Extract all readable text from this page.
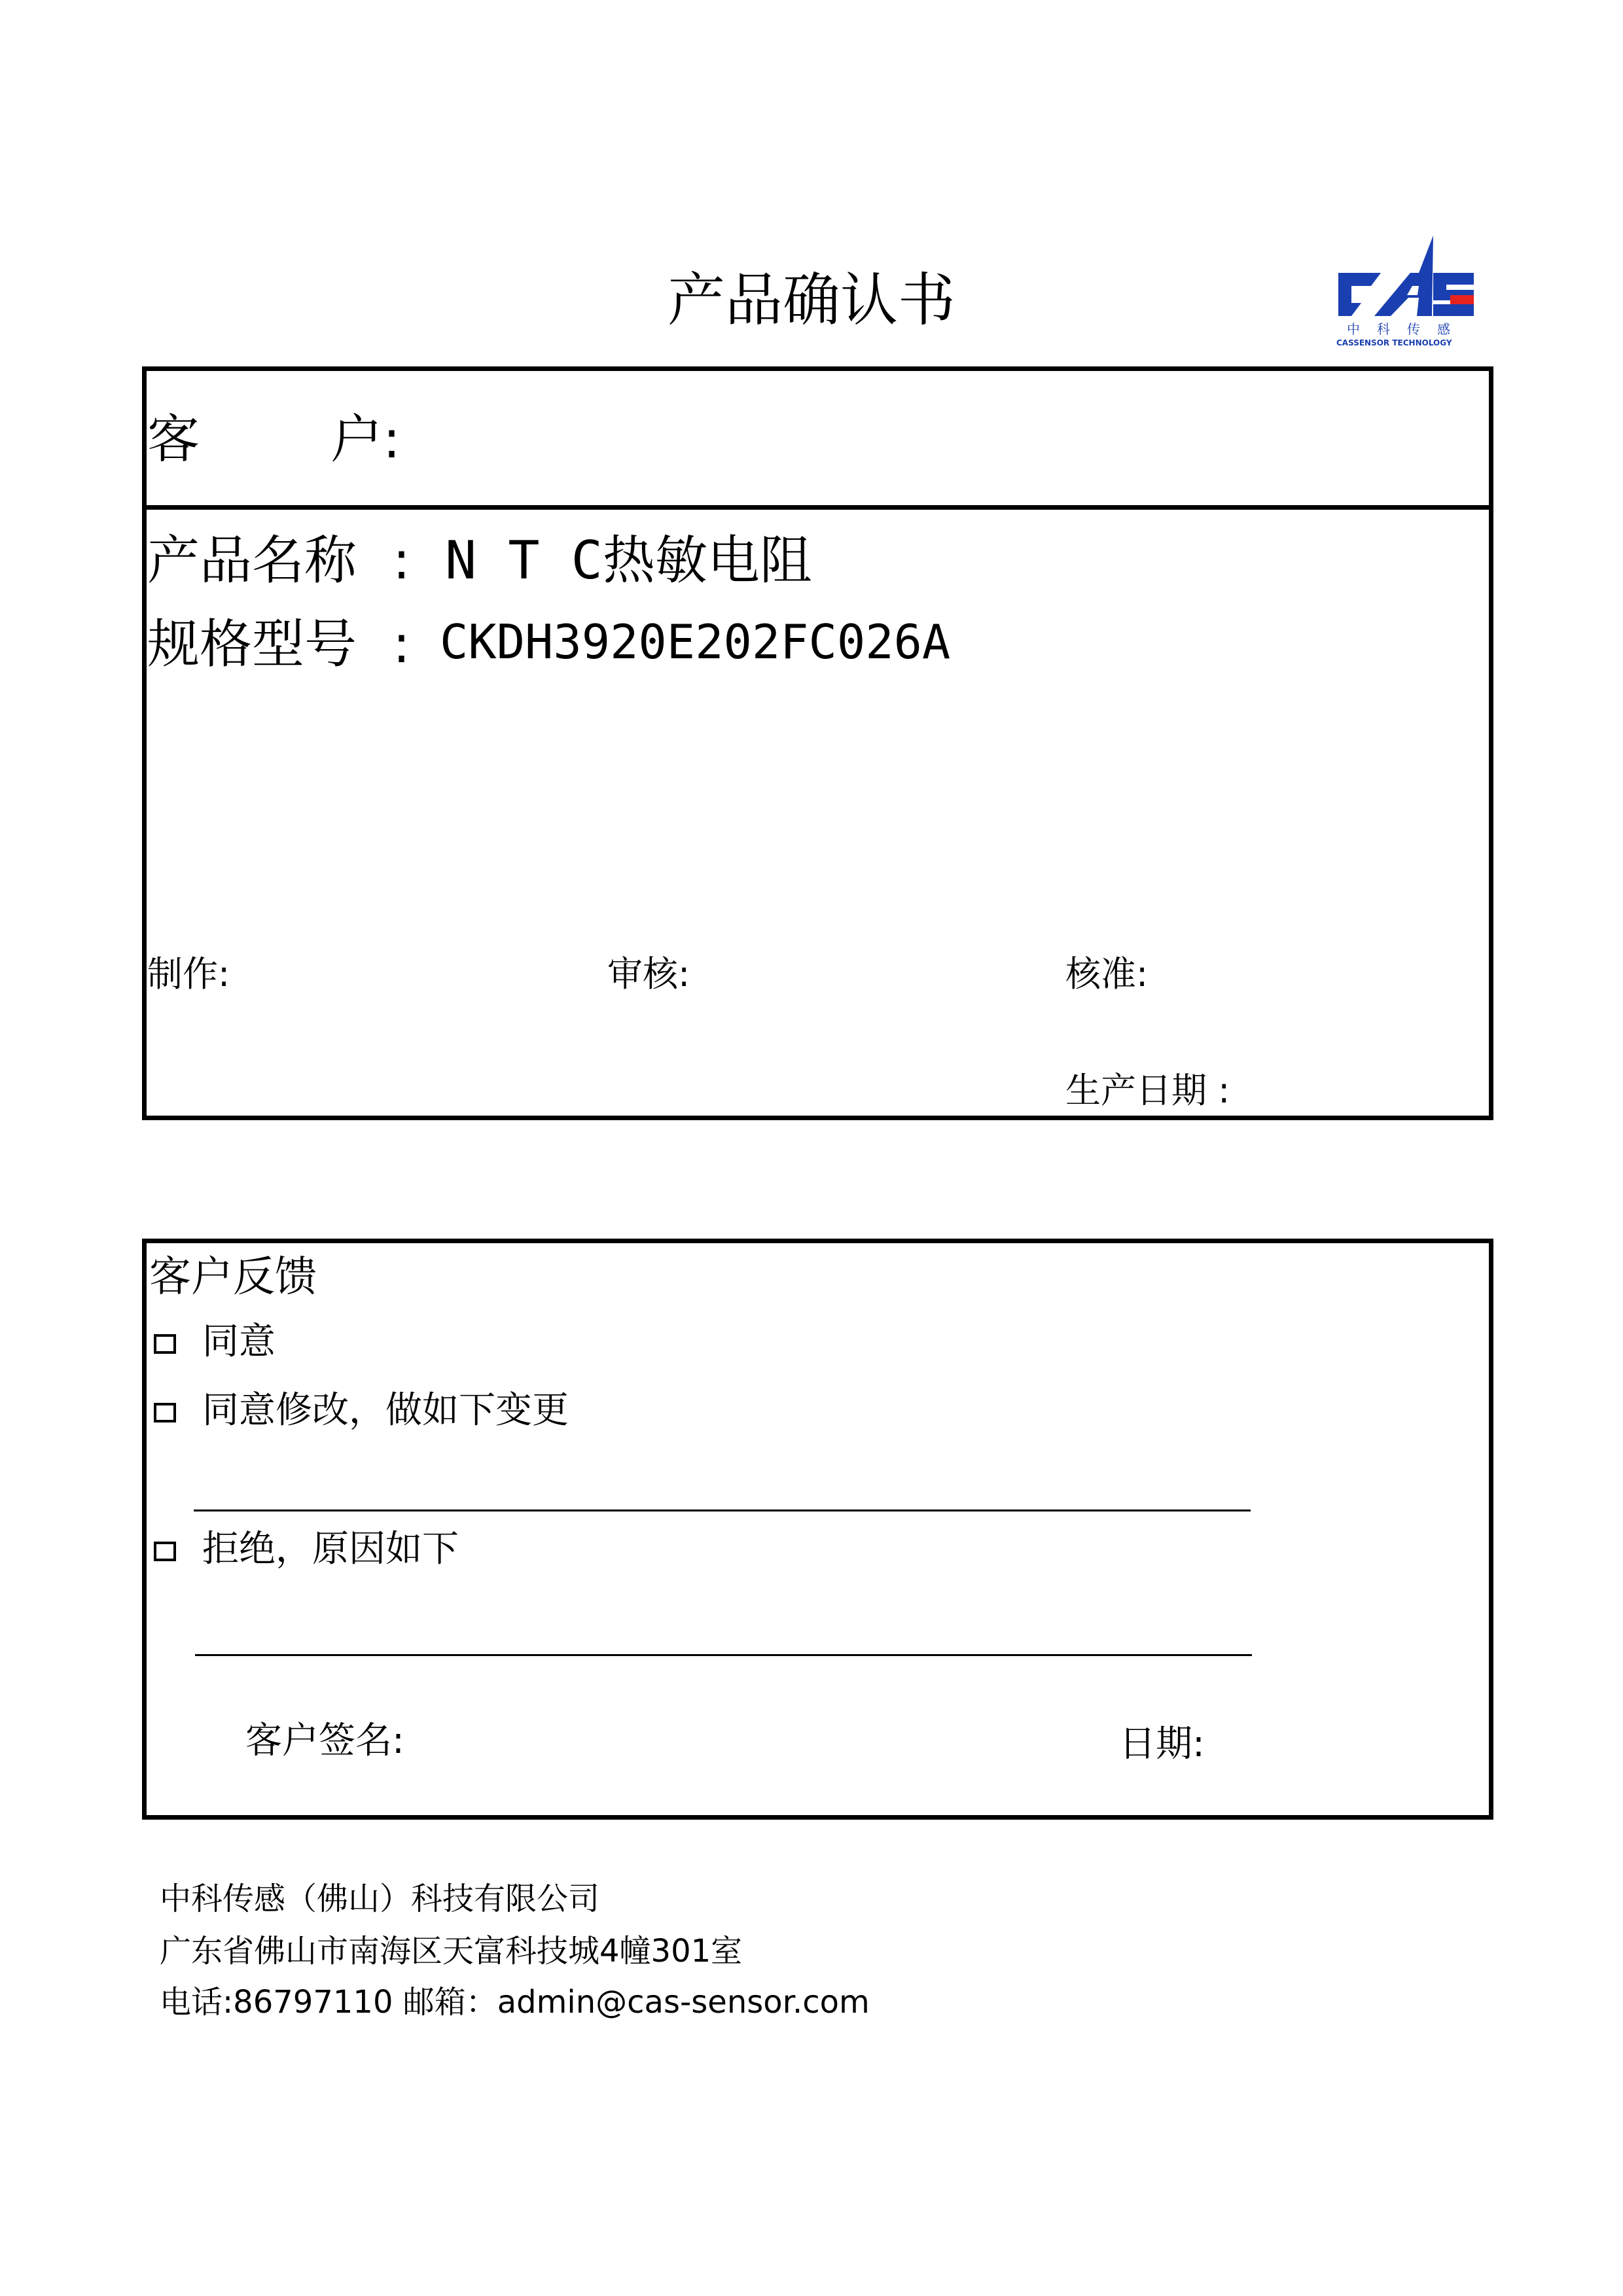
产品确认书	中科传感
CASSENSOR TECHNOLOGY
客	户:
产品名称 : N T C热敏电阻
规格型号 : CKDH3920E202FC026A
制作:	审核:	核准:
生产日期 :
客户反馈
同意
同意修改，做如下变更
拒绝，原因如下
客户签名:	日期:
中科传感（佛山）科技有限公司
广东省佛山市南海区天富科技城4幢301室
电话:86797110 邮箱：admin@cas-sensor.com
